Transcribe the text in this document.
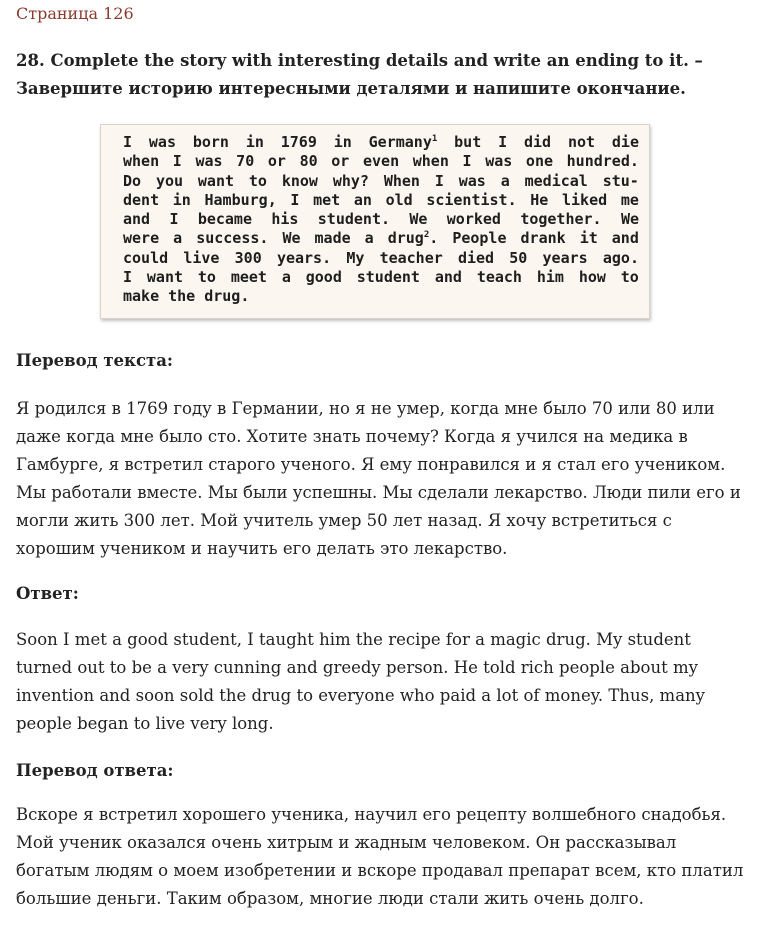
Страница 126

28. Complete the story with interesting details and write an ending to it. –
Завершите историю интересными деталями и напишите окончание.

I was born in 1769 in Germany$^1$ but I did not die
when I was 70 or 80 or even when I was one hundred.
Do you want to know why? When I was a medical stu-
dent in Hamburg, I met an old scientist. He liked me
and I became his student. We worked together. We
were a success. We made a drug$^2$. People drank it and
could live 300 years. My teacher died 50 years ago.
I want to meet a good student and teach him how to
make the drug.
Перевод текста:

Я родился в 1769 году в Германии, но я не умер, когда мне было 70 или 80 или даже когда мне было сто. Хотите знать почему? Когда я учился на медика в Гамбурге, я встретил старого ученого. Я ему понравился и я стал его учеником. Мы работали вместе. Мы были успешны. Мы сделали лекарство. Люди пили его и могли жить 300 лет. Мой учитель умер 50 лет назад. Я хочу встретиться с хорошим учеником и научить его делать это лекарство.

Ответ:

Soon I met a good student, I taught him the recipe for a magic drug. My student turned out to be a very cunning and greedy person. He told rich people about my invention and soon sold the drug to everyone who paid a lot of money. Thus, many people began to live very long.

Перевод ответа:

Вскоре я встретил хорошего ученика, научил его рецепту волшебного снадобья. Мой ученик оказался очень хитрым и жадным человеком. Он рассказывал богатым людям о моем изобретении и вскоре продавал препарат всем, кто платил большие деньги. Таким образом, многие люди стали жить очень долго.
